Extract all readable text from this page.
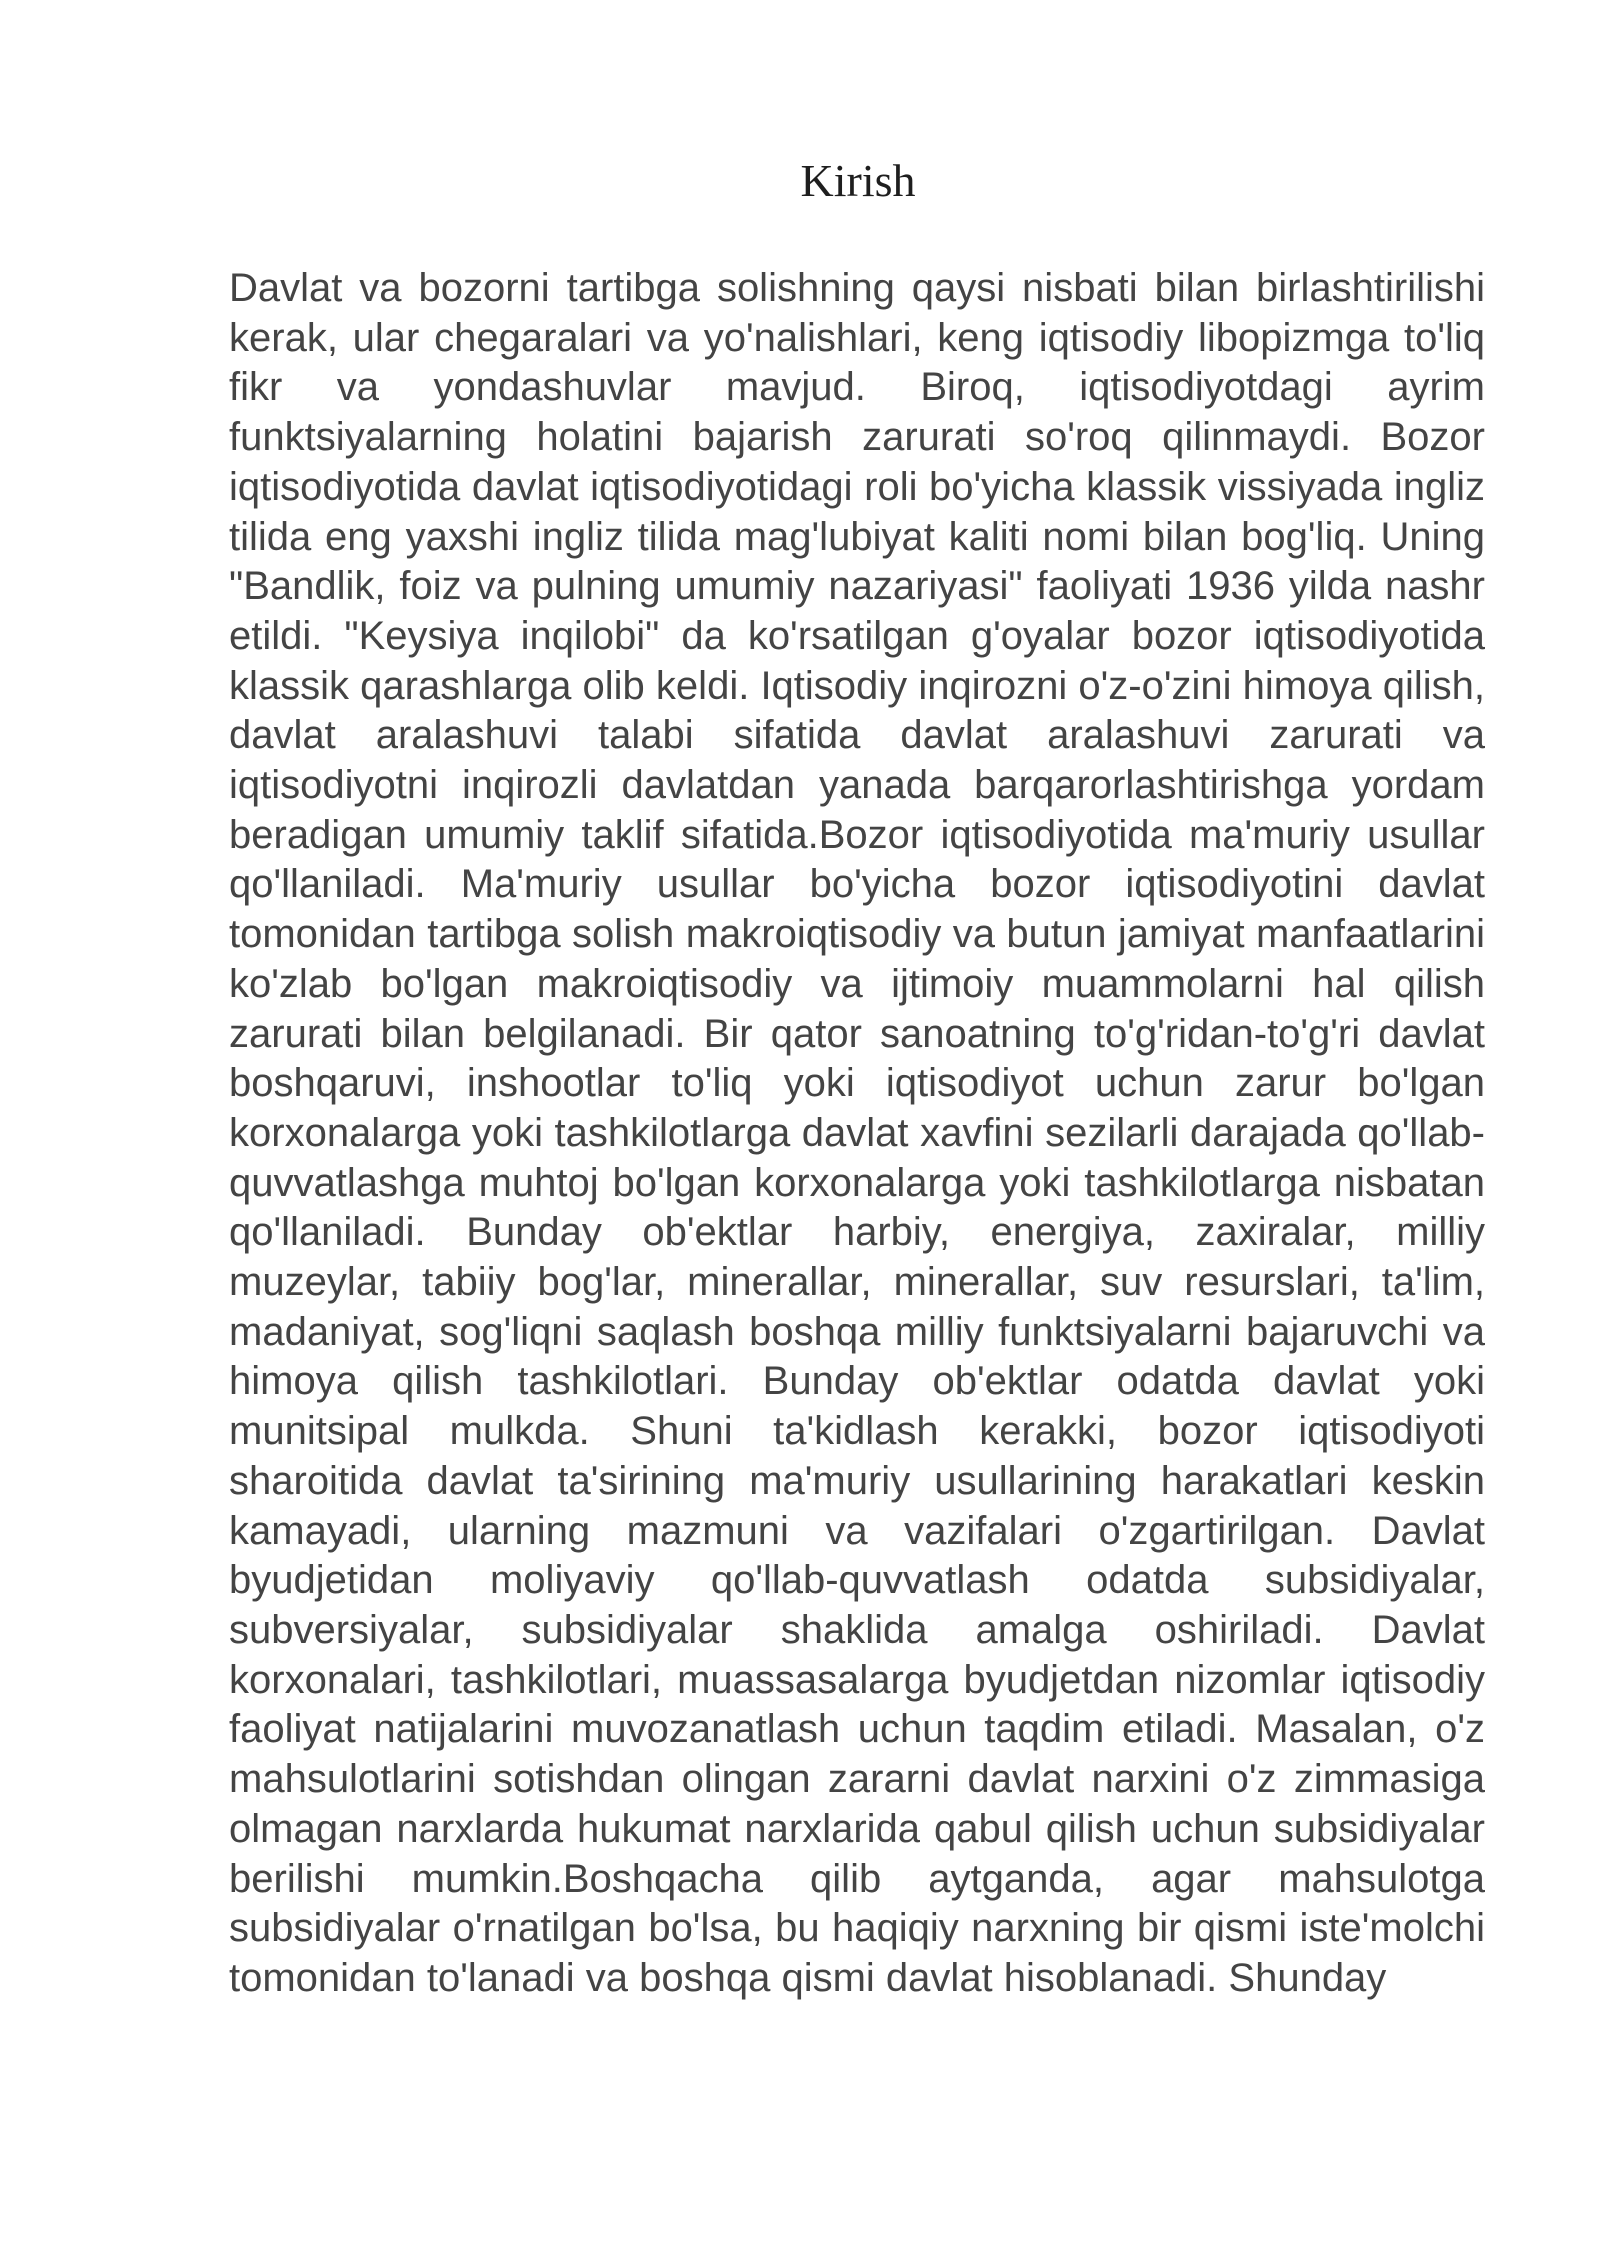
Kirish

Davlat va bozorni tartibga solishning qaysi nisbati bilan birlashtirilishi kerak, ular chegaralari va yo'nalishlari, keng iqtisodiy libopizmga to'liq fikr va yondashuvlar mavjud. Biroq, iqtisodiyotdagi ayrim funktsiyalarning holatini bajarish zarurati so'roq qilinmaydi. Bozor iqtisodiyotida davlat iqtisodiyotidagi roli bo'yicha klassik vissiyada ingliz tilida eng yaxshi ingliz tilida mag'lubiyat kaliti nomi bilan bog'liq. Uning "Bandlik, foiz va pulning umumiy nazariyasi" faoliyati 1936 yilda nashr etildi. "Keysiya inqilobi" da ko'rsatilgan g'oyalar bozor iqtisodiyotida klassik qarashlarga olib keldi. Iqtisodiy inqirozni o'z-o'zini himoya qilish, davlat aralashuvi talabi sifatida davlat aralashuvi zarurati va iqtisodiyotni inqirozli davlatdan yanada barqarorlashtirishga yordam beradigan umumiy taklif sifatida.Bozor iqtisodiyotida ma'muriy usullar qo'llaniladi. Ma'muriy usullar bo'yicha bozor iqtisodiyotini davlat tomonidan tartibga solish makroiqtisodiy va butun jamiyat manfaatlarini ko'zlab bo'lgan makroiqtisodiy va ijtimoiy muammolarni hal qilish zarurati bilan belgilanadi. Bir qator sanoatning to'g'ridan-to'g'ri davlat boshqaruvi, inshootlar to'liq yoki iqtisodiyot uchun zarur bo'lgan korxonalarga yoki tashkilotlarga davlat xavfini sezilarli darajada qo'llab-quvvatlashga muhtoj bo'lgan korxonalarga yoki tashkilotlarga nisbatan qo'llaniladi. Bunday ob'ektlar harbiy, energiya, zaxiralar, milliy muzeylar, tabiiy bog'lar, minerallar, minerallar, suv resurslari, ta'lim, madaniyat, sog'liqni saqlash boshqa milliy funktsiyalarni bajaruvchi va himoya qilish tashkilotlari. Bunday ob'ektlar odatda davlat yoki munitsipal mulkda. Shuni ta'kidlash kerakki, bozor iqtisodiyoti sharoitida davlat ta'sirining ma'muriy usullarining harakatlari keskin kamayadi, ularning mazmuni va vazifalari o'zgartirilgan. Davlat byudjetidan moliyaviy qo'llab-quvvatlash odatda subsidiyalar, subversiyalar, subsidiyalar shaklida amalga oshiriladi. Davlat korxonalari, tashkilotlari, muassasalarga byudjetdan nizomlar iqtisodiy faoliyat natijalarini muvozanatlash uchun taqdim etiladi. Masalan, o'z mahsulotlarini sotishdan olingan zararni davlat narxini o'z zimmasiga olmagan narxlarda hukumat narxlarida qabul qilish uchun subsidiyalar berilishi mumkin.Boshqacha qilib aytganda, agar mahsulotga subsidiyalar o'rnatilgan bo'lsa, bu haqiqiy narxning bir qismi iste'molchi tomonidan to'lanadi va boshqa qismi davlat hisoblanadi. Shunday
